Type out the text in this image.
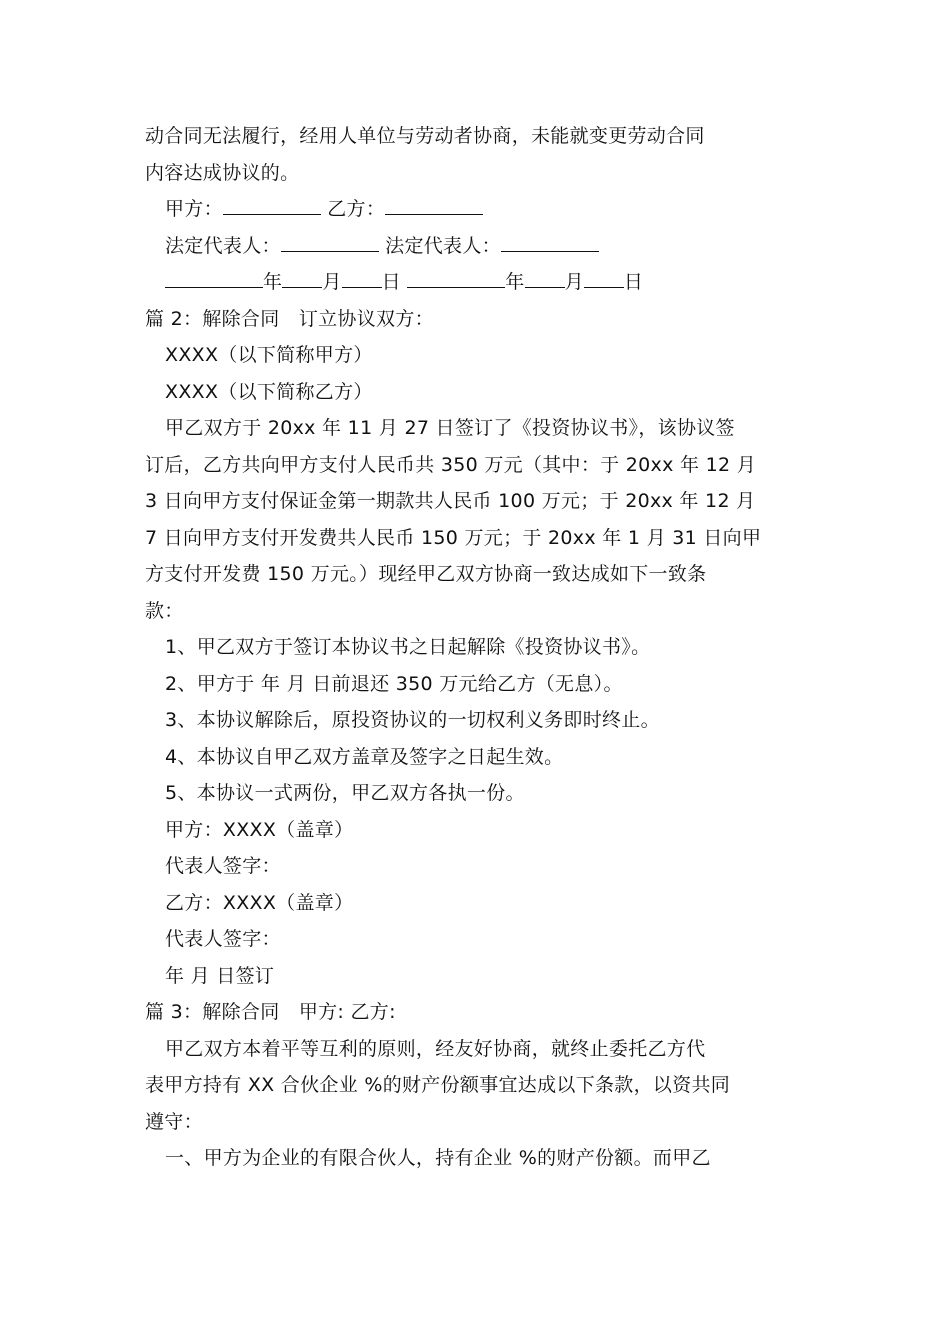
动合同无法履行，经用人单位与劳动者协商，未能就变更劳动合同
内容达成协议的。
甲方：	乙方：
法定代表人：	法定代表人：
年 月 日	年 月 日
篇 2：解除合同　订立协议双方：
XXXX（以下简称甲方）
XXXX（以下简称乙方）
甲乙双方于 20xx 年 11 月 27 日签订了《投资协议书》，该协议签
订后，乙方共向甲方支付人民币共 350 万元（其中：于 20xx 年 12 月
3 日向甲方支付保证金第一期款共人民币 100 万元；于 20xx 年 12 月
7 日向甲方支付开发费共人民币 150 万元；于 20xx 年 1 月 31 日向甲
方支付开发费 150 万元。）现经甲乙双方协商一致达成如下一致条
款：
1、甲乙双方于签订本协议书之日起解除《投资协议书》。
2、甲方于 年 月 日前退还 350 万元给乙方（无息）。
3、本协议解除后，原投资协议的一切权利义务即时终止。
4、本协议自甲乙双方盖章及签字之日起生效。
5、本协议一式两份，甲乙双方各执一份。
甲方：XXXX（盖章）
代表人签字：
乙方：XXXX（盖章）
代表人签字：
年 月 日签订
篇 3：解除合同　甲方: 乙方:
甲乙双方本着平等互利的原则，经友好协商，就终止委托乙方代
表甲方持有 XX 合伙企业 %的财产份额事宜达成以下条款，以资共同
遵守：
一、甲方为企业的有限合伙人，持有企业 %的财产份额。而甲乙
